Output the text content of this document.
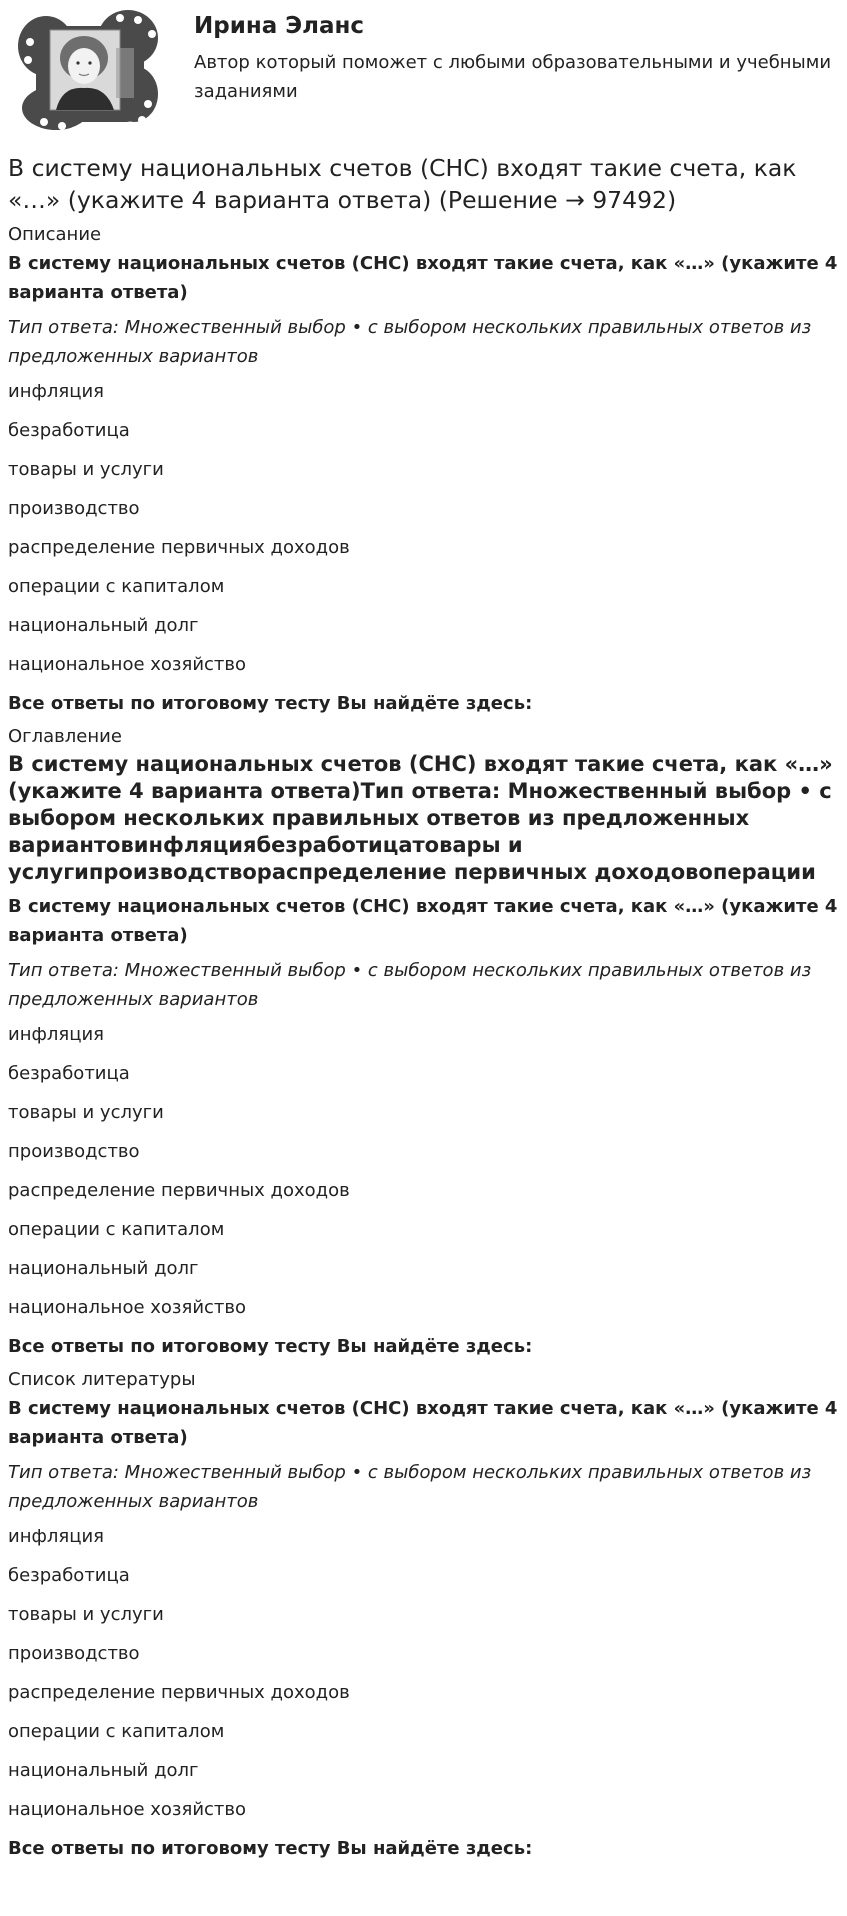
Ирина Эланс

Автор который поможет с любыми образовательными и учебными заданиями

В систему национальных счетов (СНС) входят такие счета, как «…» (укажите 4 варианта ответа) (Решение → 97492)

Описание

В систему национальных счетов (СНС) входят такие счета, как «…» (укажите 4 варианта ответа)

Тип ответа: Множественный выбор • с выбором нескольких правильных ответов из предложенных вариантов

инфляция

безработица

товары и услуги

производство

распределение первичных доходов

операции с капиталом

национальный долг

национальное хозяйство

Все ответы по итоговому тесту Вы найдёте здесь:

Оглавление

В систему национальных счетов (СНС) входят такие счета, как «…» (укажите 4 варианта ответа)Тип ответа: Множественный выбор • с выбором нескольких правильных ответов из предложенных вариантовинфляциябезработицатовары и услугипроизводствораспределение первичных доходовоперации

В систему национальных счетов (СНС) входят такие счета, как «…» (укажите 4 варианта ответа)

Тип ответа: Множественный выбор • с выбором нескольких правильных ответов из предложенных вариантов

инфляция

безработица

товары и услуги

производство

распределение первичных доходов

операции с капиталом

национальный долг

национальное хозяйство

Все ответы по итоговому тесту Вы найдёте здесь:

Список литературы

В систему национальных счетов (СНС) входят такие счета, как «…» (укажите 4 варианта ответа)

Тип ответа: Множественный выбор • с выбором нескольких правильных ответов из предложенных вариантов

инфляция

безработица

товары и услуги

производство

распределение первичных доходов

операции с капиталом

национальный долг

национальное хозяйство

Все ответы по итоговому тесту Вы найдёте здесь:
